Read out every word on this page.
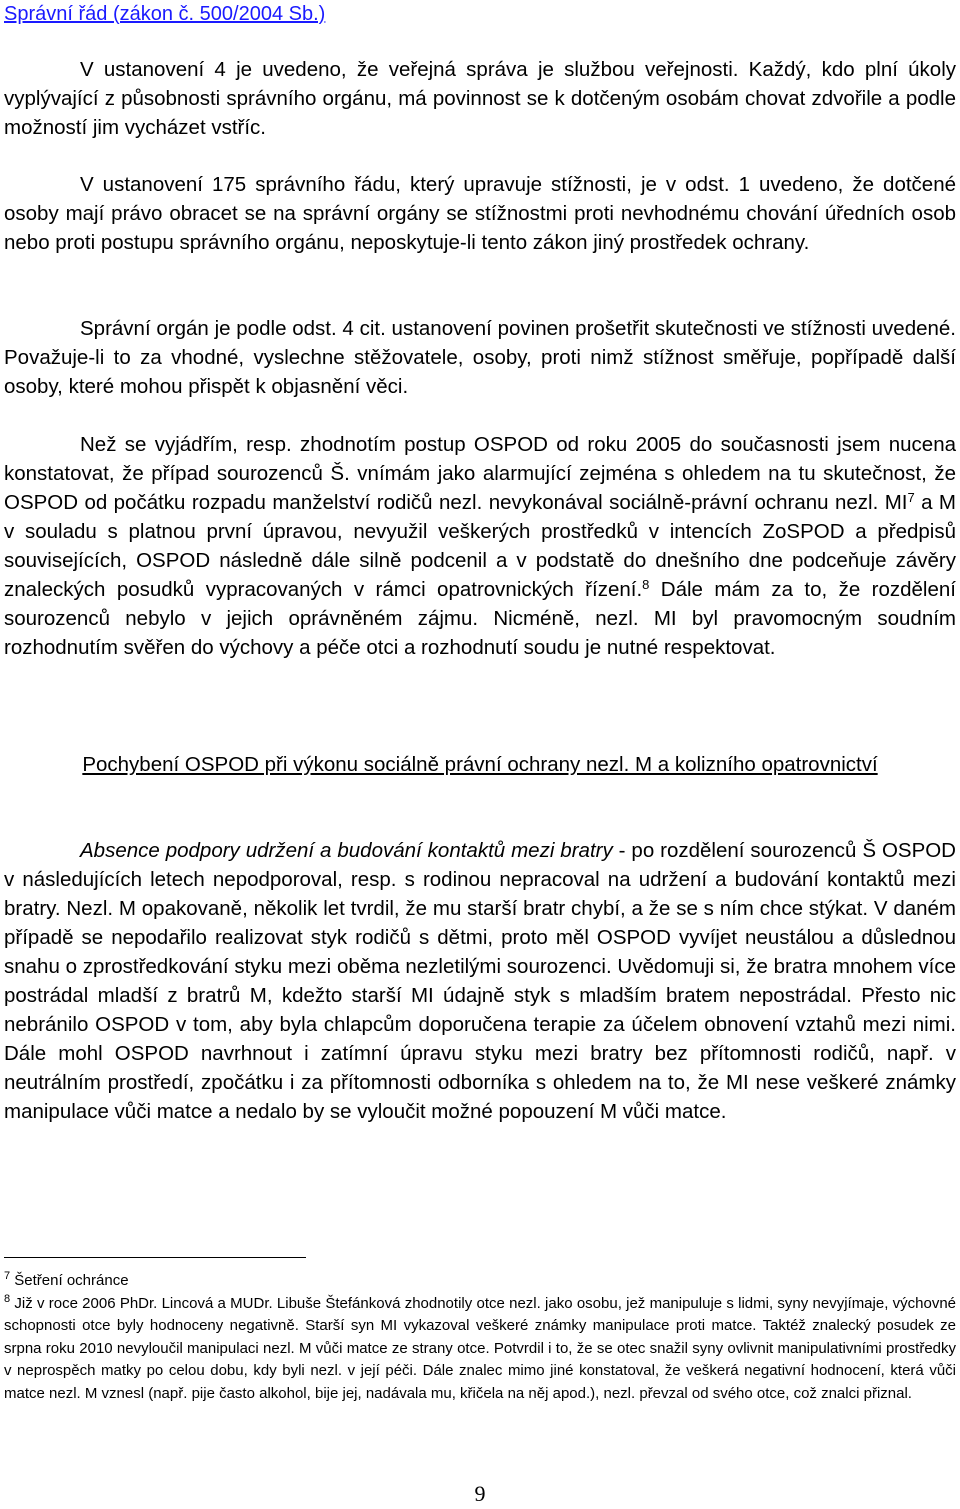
Správní řád (zákon č. 500/2004 Sb.)

V ustanovení 4 je uvedeno, že veřejná správa je službou veřejnosti. Každý, kdo plní úkoly vyplývající z působnosti správního orgánu, má povinnost se k dotčeným osobám chovat zdvořile a podle možností jim vycházet vstříc.

V ustanovení 175 správního řádu, který upravuje stížnosti, je v odst. 1 uvedeno, že dotčené osoby mají právo obracet se na správní orgány se stížnostmi proti nevhodnému chování úředních osob nebo proti postupu správního orgánu, neposkytuje-li tento zákon jiný prostředek ochrany.

Správní orgán je podle odst. 4 cit. ustanovení povinen prošetřit skutečnosti ve stížnosti uvedené. Považuje-li to za vhodné, vyslechne stěžovatele, osoby, proti nimž stížnost směřuje, popřípadě další osoby, které mohou přispět k objasnění věci.

Než se vyjádřím, resp. zhodnotím postup OSPOD od roku 2005 do současnosti jsem nucena konstatovat, že případ sourozenců Š. vnímám jako alarmující zejména s ohledem na tu skutečnost, že OSPOD od počátku rozpadu manželství rodičů nezl. nevykonával sociálně-právní ochranu nezl. $MI^7$ a M v souladu s platnou první úpravou, nevyužil veškerých prostředků v intencích ZoSPOD a předpisů souvisejících, OSPOD následně dále silně podcenil a v podstatě do dnešního dne podceňuje závěry znaleckých posudků vypracovaných v rámci opatrovnických řízení.$^8$ Dále mám za to, že rozdělení sourozenců nebylo v jejich oprávněném zájmu. Nicméně, nezl. MI byl pravomocným soudním rozhodnutím svěřen do výchovy a péče otci a rozhodnutí soudu je nutné respektovat.

Pochybení OSPOD při výkonu sociálně právní ochrany nezl. M a kolizního opatrovnictví

Absence podpory udržení a budování kontaktů mezi bratry - po rozdělení sourozenců Š OSPOD v následujících letech nepodporoval, resp. s rodinou nepracoval na udržení a budování kontaktů mezi bratry. Nezl. M opakovaně, několik let tvrdil, že mu starší bratr chybí, a že se s ním chce stýkat. V daném případě se nepodařilo realizovat styk rodičů s dětmi, proto měl OSPOD vyvíjet neustálou a důslednou snahu o zprostředkování styku mezi oběma nezletilými sourozenci. Uvědomuji si, že bratra mnohem více postrádal mladší z bratrů M, kdežto starší MI údajně styk s mladším bratem nepostrádal. Přesto nic nebránilo OSPOD v tom, aby byla chlapcům doporučena terapie za účelem obnovení vztahů mezi nimi. Dále mohl OSPOD navrhnout i zatímní úpravu styku mezi bratry bez přítomnosti rodičů, např. v neutrálním prostředí, zpočátku i za přítomnosti odborníka s ohledem na to, že MI nese veškeré známky manipulace vůči matce a nedalo by se vyloučit možné popouzení M vůči matce.

$^7$ Šetření ochránce

$^8$ Již v roce 2006 PhDr. Lincová a MUDr. Libuše Štefánková zhodnotily otce nezl. jako osobu, jež manipuluje s lidmi, syny nevyjímaje, výchovné schopnosti otce byly hodnoceny negativně. Starší syn MI vykazoval veškeré známky manipulace proti matce. Taktéž znalecký posudek ze srpna roku 2010 nevyloučil manipulaci nezl. M vůči matce ze strany otce. Potvrdil i to, že se otec snažil syny ovlivnit manipulativními prostředky v neprospěch matky po celou dobu, kdy byli nezl. v její péči. Dále znalec mimo jiné konstatoval, že veškerá negativní hodnocení, která vůči matce nezl. M vznesl (např. pije často alkohol, bije jej, nadávala mu, křičela na něj apod.), nezl. převzal od svého otce, což znalci přiznal.

9
